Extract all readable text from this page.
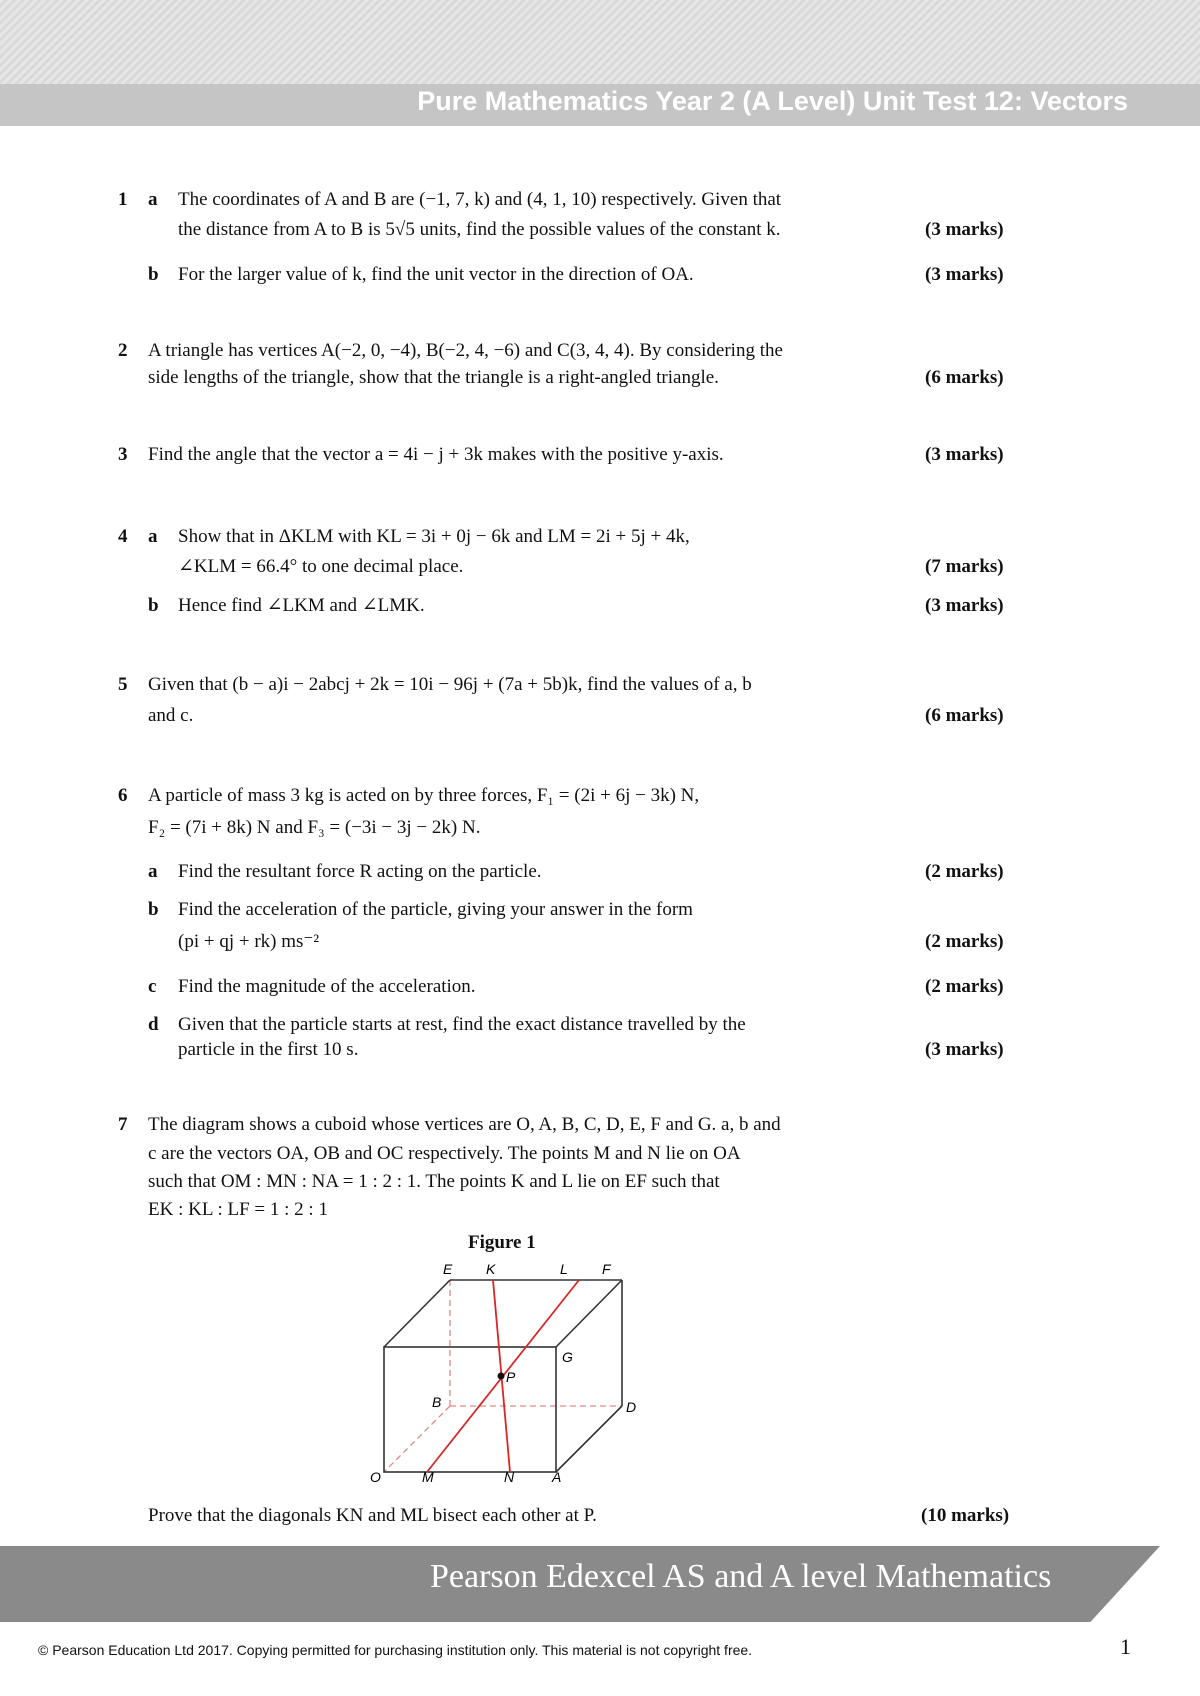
Pure Mathematics Year 2 (A Level) Unit Test 12: Vectors
1 a The coordinates of A and B are (−1, 7, k) and (4, 1, 10) respectively. Given that
the distance from A to B is 5√5 units, find the possible values of the constant k.	(3 marks)
b For the larger value of k, find the unit vector in the direction of OA.	(3 marks)
2 A triangle has vertices A(−2, 0, −4), B(−2, 4, −6) and C(3, 4, 4). By considering the
side lengths of the triangle, show that the triangle is a right-angled triangle.	(6 marks)
3 Find the angle that the vector a = 4i − j + 3k makes with the positive y-axis.	(3 marks)
4 a Show that in ΔKLM with KL = 3i + 0j − 6k and LM = 2i + 5j + 4k,
∠KLM = 66.4° to one decimal place.	(7 marks)
b Hence find ∠LKM and ∠LMK.	(3 marks)
5 Given that (b − a)i − 2abcj + 2k = 10i − 96j + (7a + 5b)k, find the values of a, b
and c.	(6 marks)
6 A particle of mass 3 kg is acted on by three forces, F₁ = (2i + 6j − 3k) N,
F₂ = (7i + 8k) N and F₃ = (−3i − 3j − 2k) N.
a Find the resultant force R acting on the particle.	(2 marks)
b Find the acceleration of the particle, giving your answer in the form
(pi + qj + rk) ms⁻²	(2 marks)
c Find the magnitude of the acceleration.	(2 marks)
d Given that the particle starts at rest, find the exact distance travelled by the
particle in the first 10 s.	(3 marks)
7 The diagram shows a cuboid whose vertices are O, A, B, C, D, E, F and G. a, b and
c are the vectors OA, OB and OC respectively. The points M and N lie on OA
such that OM : MN : NA = 1 : 2 : 1. The points K and L lie on EF such that
EK : KL : LF = 1 : 2 : 1
Figure 1
E K	L F
G
P
B	D
O	M	N	A
Prove that the diagonals KN and ML bisect each other at P.	(10 marks)
Pearson Edexcel AS and A level Mathematics
© Pearson Education Ltd 2017. Copying permitted for purchasing institution only. This material is not copyright free.	1
